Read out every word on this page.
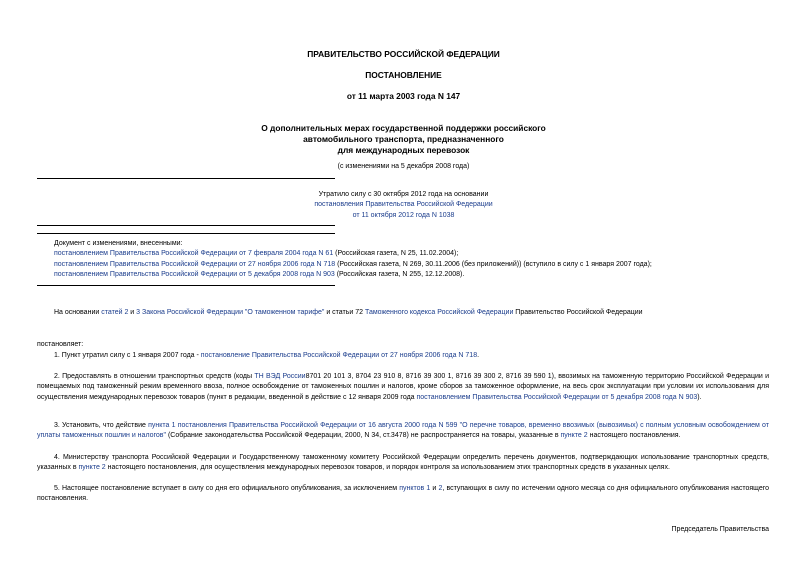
ПРАВИТЕЛЬСТВО РОССИЙСКОЙ ФЕДЕРАЦИИ
ПОСТАНОВЛЕНИЕ
от 11 марта 2003 года N 147
О дополнительных мерах государственной поддержки российского
автомобильного транспорта, предназначенного
для международных перевозок
(с изменениями на 5 декабря 2008 года)
Утратило силу с 30 октября 2012 года на основании
постановления Правительства Российской Федерации
от 11 октября 2012 года N 1038
Документ с изменениями, внесенными:
постановлением Правительства Российской Федерации от 7 февраля 2004 года N 61 (Российская газета, N 25, 11.02.2004);
постановлением Правительства Российской Федерации от 27 ноября 2006 года N 718 (Российская газета, N 269, 30.11.2006 (без приложений)) (вступило в силу с 1 января 2007 года);
постановлением Правительства Российской Федерации от 5 декабря 2008 года N 903 (Российская газета, N 255, 12.12.2008).
На основании статей 2 и 3 Закона Российской Федерации "О таможенном тарифе" и статьи 72 Таможенного кодекса Российской Федерации Правительство Российской Федерации
постановляет:
1. Пункт утратил силу с 1 января 2007 года - постановление Правительства Российской Федерации от 27 ноября 2006 года N 718.
2. Предоставлять в отношении транспортных средств (коды ТН ВЭД России8701 20 101 3, 8704 23 910 8, 8716 39 300 1, 8716 39 300 2, 8716 39 590 1), ввозимых на таможенную территорию Российской Федерации и помещаемых под таможенный режим временного ввоза, полное освобождение от таможенных пошлин и налогов, кроме сборов за таможенное оформление, на весь срок эксплуатации при условии их использования для осуществления международных перевозок товаров (пункт в редакции, введенной в действие с 12 января 2009 года постановлением Правительства Российской Федерации от 5 декабря 2008 года N 903).
3. Установить, что действие пункта 1 постановления Правительства Российской Федерации от 16 августа 2000 года N 599 "О перечне товаров, временно ввозимых (вывозимых) с полным условным освобождением от уплаты таможенных пошлин и налогов" (Собрание законодательства Российской Федерации, 2000, N 34, ст.3478) не распространяется на товары, указанные в пункте 2 настоящего постановления.
4. Министерству транспорта Российской Федерации и Государственному таможенному комитету Российской Федерации определить перечень документов, подтверждающих использование транспортных средств, указанных в пункте 2 настоящего постановления, для осуществления международных перевозок товаров, и порядок контроля за использованием этих транспортных средств в указанных целях.
5. Настоящее постановление вступает в силу со дня его официального опубликования, за исключением пунктов 1 и 2, вступающих в силу по истечении одного месяца со дня официального опубликования настоящего постановления.
Председатель Правительства
